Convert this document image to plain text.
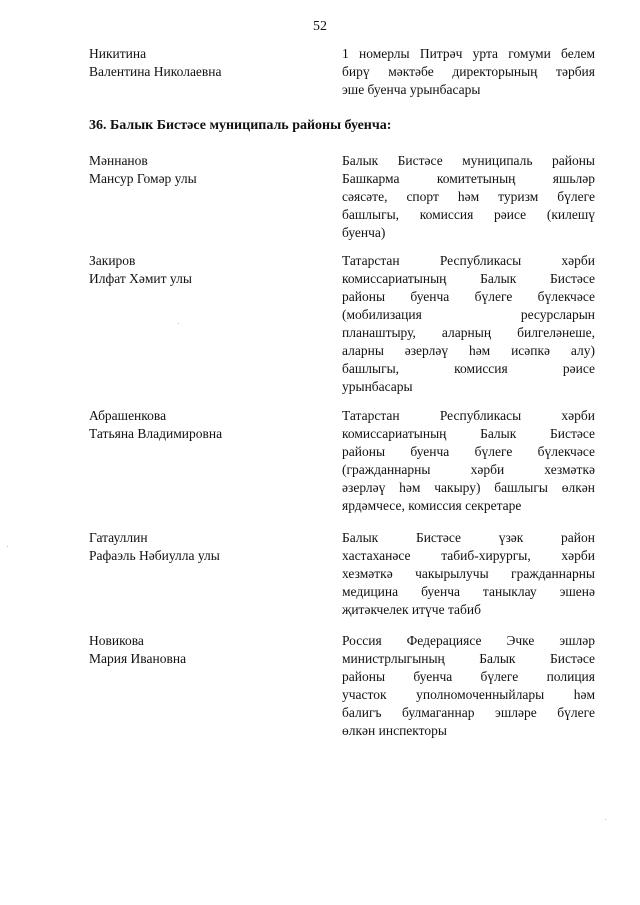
52
Никитина
Валентина Николаевна
1 номерлы Питрәч урта гомуми белем
бирү мәктәбе директорының тәрбия
эше буенча урынбасары
36. Балык Бистәсе муниципаль районы буенча:
Мәннанов
Мансур Гомәр улы
Балык Бистәсе муниципаль районы
Башкарма комитетының яшьләр
сәясәте, спорт һәм туризм бүлеге
башлыгы, комиссия рәисе (килешү
буенча)
Закиров
Илфат Хәмит улы
Татарстан Республикасы хәрби
комиссариатының Балык Бистәсе
районы буенча бүлеге бүлекчәсе
(мобилизация ресурсларын
планаштыру, аларның билгеләнеше,
аларны әзерләү һәм исәпкә алу)
башлыгы, комиссия рәисе
урынбасары
Абрашенкова
Татьяна Владимировна
Татарстан Республикасы хәрби
комиссариатының Балык Бистәсе
районы буенча бүлеге бүлекчәсе
(гражданнарны хәрби хезмәткә
әзерләү һәм чакыру) башлыгы өлкән
ярдәмчесе, комиссия секретаре
Гатауллин
Рафаэль Нәбиулла улы
Балык Бистәсе үзәк район
хастаханәсе табиб-хирургы, хәрби
хезмәткә чакырылучы гражданнарны
медицина буенча таныклау эшенә
җитәкчелек итүче табиб
Новикова
Мария Ивановна
Россия Федерациясе Эчке эшләр
министрлыгының Балык Бистәсе
районы буенча бүлеге полиция
участок уполномоченныйлары һәм
балигъ булмаганнар эшләре бүлеге
өлкән инспекторы
